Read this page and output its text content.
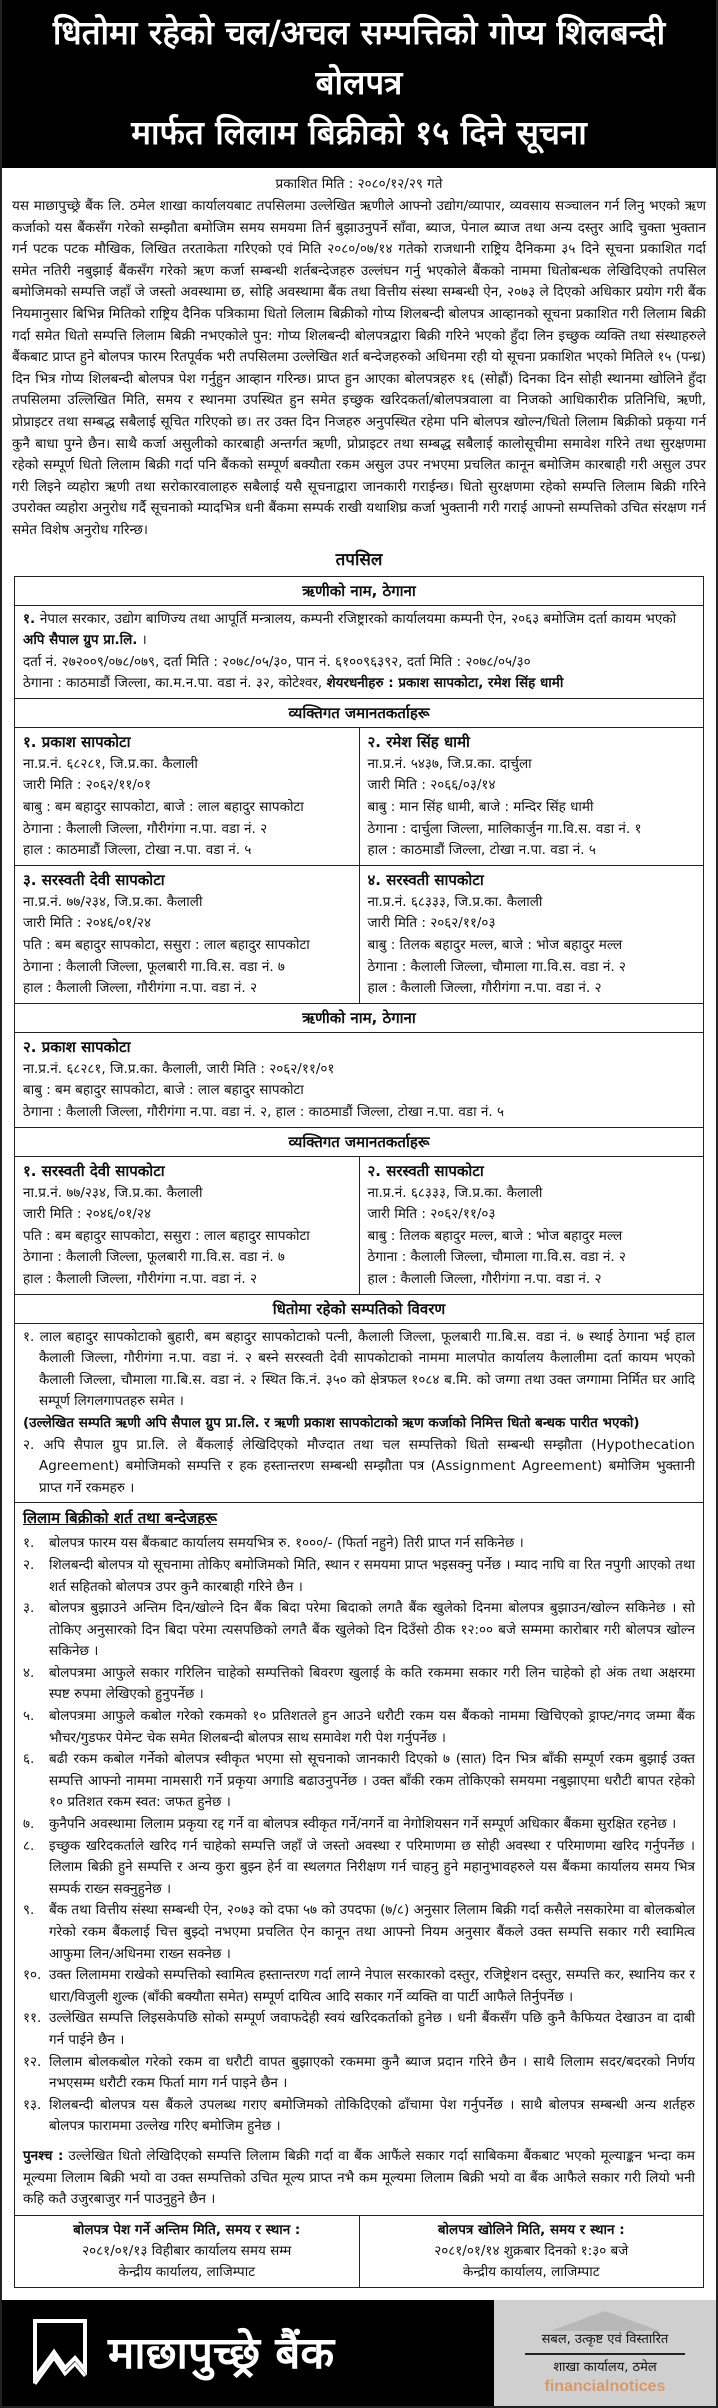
धितोमा रहेको चल/अचल सम्पत्तिको गोप्य शिलबन्दी बोलपत्र
मार्फत लिलाम बिक्रीको १५ दिने सूचना
प्रकाशित मिति : २०८०/१२/२९ गते

यस माछापुच्छ्रे बैंक लि. ठमेल शाखा कार्यालयबाट तपसिलमा उल्लेखित ऋणीले आफ्नो उद्योग/व्यापार, व्यवसाय सञ्चालन गर्न लिनु भएको ऋण कर्जाको यस बैंकसँग गरेको सम्झौता बमोजिम समय समयमा तिर्न बुझाउनुपर्ने साँवा, ब्याज, पेनाल ब्याज तथा अन्य दस्तुर आदि चुक्ता भुक्तान गर्न पटक पटक मौखिक, लिखित तरताकेता गरिएको एवं मिति २०८०/०७/१४ गतेको राजधानी राष्ट्रिय दैनिकमा ३५ दिने सूचना प्रकाशित गर्दा समेत नतिरी नबुझाई बैंकसँग गरेको ऋण कर्जा सम्बन्धी शर्तबन्देजहरु उल्लंघन गर्नु भएकोले बैंकको नाममा धितोबन्धक लेखिदिएको तपसिल बमोजिमको सम्पत्ति जहाँ जे जस्तो अवस्थामा छ, सोहि अवस्थामा बैंक तथा वित्तीय संस्था सम्बन्धी ऐन, २०७३ ले दिएको अधिकार प्रयोग गरी बैंक नियमानुसार बिभिन्न मितिको राष्ट्रिय दैनिक पत्रिकामा धितो लिलाम बिक्रीको गोप्य शिलबन्दी बोलपत्र आव्हानको सूचना प्रकाशित गरी लिलाम बिक्री गर्दा समेत धितो सम्पत्ति लिलाम बिक्री नभएकोले पुन: गोप्य शिलबन्दी बोलपत्रद्वारा बिक्री गरिने भएको हुँदा लिन इच्छुक व्यक्ति तथा संस्थाहरुले बैंकबाट प्राप्त हुने बोलपत्र फारम रितपूर्वक भरी तपसिलमा उल्लेखित शर्त बन्देजहरुको अधिनमा रही यो सूचना प्रकाशित भएको मितिले १५ (पन्ध्र) दिन भित्र गोप्य शिलबन्दी बोलपत्र पेश गर्नुहुन आव्हान गरिन्छ। प्राप्त हुन आएका बोलपत्रहरु १६ (सोह्रौं) दिनका दिन सोही स्थानमा खोलिने हुँदा तपसिलमा उल्लिखित मिति, समय र स्थानमा उपस्थित हुन समेत इच्छुक खरिदकर्ता/बोलपत्रवाला वा निजको आधिकारीक प्रतिनिधि, ऋणी, प्रोप्राइटर तथा सम्बद्ध सबैलाई सूचित गरिएको छ। तर उक्त दिन निजहरु अनुपस्थित रहेमा पनि बोलपत्र खोल्न/धितो लिलाम बिक्रीको प्रकृया गर्न कुनै बाधा पुग्ने छैन। साथै कर्जा असुलीको कारबाही अन्तर्गत ऋणी, प्रोप्राइटर तथा सम्बद्ध सबैलाई कालोसूचीमा समावेश गरिने तथा सुरक्षणमा रहेको सम्पूर्ण धितो लिलाम बिक्री गर्दा पनि बैंकको सम्पूर्ण बक्यौता रकम असुल उपर नभएमा प्रचलित कानून बमोजिम कारबाही गरी असुल उपर गरी लिइने व्यहोरा ऋणी तथा सरोकारवालाहरु सबैलाई यसै सूचनाद्वारा जानकारी गराईन्छ। धितो सुरक्षणमा रहेको सम्पत्ति लिलाम बिक्री गरिने उपरोक्त व्यहोरा अनुरोध गर्दै सूचनाको म्यादभित्र धनी बैंकमा सम्पर्क राखी यथाशिघ्र कर्जा भुक्तानी गरी गराई आफ्नो सम्पत्तिको उचित संरक्षण गर्न समेत विशेष अनुरोध गरिन्छ।

तपसिल
ऋणीको नाम, ठेगाना
१. नेपाल सरकार, उद्योग बाणिज्य तथा आपूर्ति मन्त्रालय, कम्पनी रजिष्ट्रारको कार्यालयमा कम्पनी ऐन, २०६३ बमोजिम दर्ता कायम भएको अपि सैपाल ग्रुप प्रा.लि. ।
दर्ता नं. २७२००९/०७८/०७९, दर्ता मिति : २०७८/०५/३०, पान नं. ६१००९६३९२, दर्ता मिति : २०७८/०५/३०
ठेगाना : काठमाडौं जिल्ला, का.म.न.पा. वडा नं. ३२, कोटेश्वर, शेयरधनीहरु : प्रकाश सापकोटा, रमेश सिंह धामी
व्यक्तिगत जमानतकर्ताहरू
१. प्रकाश सापकोटा
ना.प्र.नं. ६८२८१, जि.प्र.का. कैलाली
जारी मिति : २०६२/११/०१
बाबु : बम बहादुर सापकोटा, बाजे : लाल बहादुर सापकोटा
ठेगाना : कैलाली जिल्ला, गौरीगंगा न.पा. वडा नं. २
हाल : काठमाडौं जिल्ला, टोखा न.पा. वडा नं. ५
२. रमेश सिंह धामी
ना.प्र.नं. ५४३७, जि.प्र.का. दार्चुला
जारी मिति : २०६६/०३/१४
बाबु : मान सिंह धामी, बाजे : मन्दिर सिंह धामी
ठेगाना : दार्चुला जिल्ला, मालिकार्जुन गा.वि.स. वडा नं. १
हाल : काठमाडौं जिल्ला, टोखा न.पा. वडा नं. ५
३. सरस्वती देवी सापकोटा
ना.प्र.नं. ७७/२३४, जि.प्र.का. कैलाली
जारी मिति : २०४६/०१/२४
पति : बम बहादुर सापकोटा, ससुरा : लाल बहादुर सापकोटा
ठेगाना : कैलाली जिल्ला, फूलबारी गा.वि.स. वडा नं. ७
हाल : कैलाली जिल्ला, गौरीगंगा न.पा. वडा नं. २
४. सरस्वती सापकोटा
ना.प्र.नं. ६८३३३, जि.प्र.का. कैलाली
जारी मिति : २०६२/११/०३
बाबु : तिलक बहादुर मल्ल, बाजे : भोज बहादुर मल्ल
ठेगाना : कैलाली जिल्ला, चौमाला गा.वि.स. वडा नं. २
हाल : कैलाली जिल्ला, गौरीगंगा न.पा. वडा नं. २
ऋणीको नाम, ठेगाना
२. प्रकाश सापकोटा
ना.प्र.नं. ६८२८१, जि.प्र.का. कैलाली, जारी मिति : २०६२/११/०१
बाबु : बम बहादुर सापकोटा, बाजे : लाल बहादुर सापकोटा
ठेगाना : कैलाली जिल्ला, गौरीगंगा न.पा. वडा नं. २, हाल : काठमाडौं जिल्ला, टोखा न.पा. वडा नं. ५
व्यक्तिगत जमानतकर्ताहरू
१. सरस्वती देवी सापकोटा
ना.प्र.नं. ७७/२३४, जि.प्र.का. कैलाली
जारी मिति : २०४६/०१/२४
पति : बम बहादुर सापकोटा, ससुरा : लाल बहादुर सापकोटा
ठेगाना : कैलाली जिल्ला, फूलबारी गा.वि.स. वडा नं. ७
हाल : कैलाली जिल्ला, गौरीगंगा न.पा. वडा नं. २
२. सरस्वती सापकोटा
ना.प्र.नं. ६८३३३, जि.प्र.का. कैलाली
जारी मिति : २०६२/११/०३
बाबु : तिलक बहादुर मल्ल, बाजे : भोज बहादुर मल्ल
ठेगाना : कैलाली जिल्ला, चौमाला गा.वि.स. वडा नं. २
हाल : कैलाली जिल्ला, गौरीगंगा न.पा. वडा नं. २
धितोमा रहेको सम्पतिको विवरण
१. लाल बहादुर सापकोटाको बुहारी, बम बहादुर सापकोटाको पत्नी, कैलाली जिल्ला, फूलबारी गा.बि.स. वडा नं. ७ स्थाई ठेगाना भई हाल कैलाली जिल्ला, गौरीगंगा न.पा. वडा नं. २ बस्ने सरस्वती देवी सापकोटाको नाममा मालपोत कार्यालय कैलालीमा दर्ता कायम भएको कैलाली जिल्ला, चौमाला गा.बि.स. वडा नं. २ स्थित कि.नं. ३५० को क्षेत्रफल १०८४ ब.मि. को जग्गा तथा उक्त जग्गामा निर्मित घर आदि सम्पूर्ण लिगलगापतहरु समेत ।
(उल्लेखित सम्पति ऋणी अपि सैपाल ग्रुप प्रा.लि. र ऋणी प्रकाश सापकोटाको ऋण कर्जाको निमित्त धितो बन्धक पारीत भएको)
२. अपि सैपाल ग्रुप प्रा.लि. ले बैंकलाई लेखिदिएको मौज्दात तथा चल सम्पत्तिको धितो सम्बन्धी सम्झौता (Hypothecation Agreement) बमोजिमको सम्पत्ति र हक हस्तान्तरण सम्बन्धी सम्झौता पत्र (Assignment Agreement) बमोजिम भुक्तानी प्राप्त गर्ने रकमहरु ।
लिलाम बिक्रीको शर्त तथा बन्देजहरू
१.	बोलपत्र फारम यस बैंकबाट कार्यालय समयभित्र रु. १०००/- (फिर्ता नहुने) तिरी प्राप्त गर्न सकिनेछ ।
२.	शिलबन्दी बोलपत्र यो सूचनामा तोकिए बमोजिमको मिति, स्थान र समयमा प्राप्त भइसक्नु पर्नेछ । म्याद नाघि वा रित नपुगी आएको तथा शर्त सहितको बोलपत्र उपर कुनै कारबाही गरिने छैन ।
३.	बोलपत्र बुझाउने अन्तिम दिन/खोल्ने दिन बैंक बिदा परेमा बिदाको लगतै बैंक खुलेको दिनमा बोलपत्र बुझाउन/खोल्न सकिनेछ । सो तोकिए अनुसारको दिन बिदा परेमा त्यसपछिको लगतै बैंक खुलेको दिन दिउँसो ठीक १२:०० बजे सम्ममा कारोबार गरी बोलपत्र खोल्न सकिनेछ ।
४.	बोलपत्रमा आफुले सकार गरिलिन चाहेको सम्पत्तिको बिवरण खुलाई के कति रकममा सकार गरी लिन चाहेको हो अंक तथा अक्षरमा स्पष्ट रुपमा लेखिएको हुनुपर्नेछ ।
५.	बोलपत्रमा आफुले कबोल गरेको रकमको १० प्रतिशतले हुन आउने धरौटी रकम यस बैंकको नाममा खिचिएको ड्राफ्ट/नगद जम्मा बैंक भौचर/गुडफर पेमेन्ट चेक समेत शिलबन्दी बोलपत्र साथ समावेश गरी पेश गर्नुपर्नेछ ।
६.	बढी रकम कबोल गर्नेको बोलपत्र स्वीकृत भएमा सो सूचनाको जानकारी दिएको ७ (सात) दिन भित्र बाँकी सम्पूर्ण रकम बुझाई उक्त सम्पत्ति आफ्नो नाममा नामसारी गर्ने प्रकृया अगाडि बढाउनुपर्नेछ । उक्त बाँकी रकम तोकिएको समयमा नबुझाएमा धरौटी बापत रहेको १० प्रतिशत रकम स्वत: जफत हुनेछ ।
७.	कुनैपनि अवस्थामा लिलाम प्रकृया रद्द गर्ने वा बोलपत्र स्वीकृत गर्ने/नगर्ने वा नेगोशियसन गर्ने सम्पूर्ण अधिकार बैंकमा सुरक्षित रहनेछ ।
८.	इच्छुक खरिदकर्ताले खरिद गर्न चाहेको सम्पत्ति जहाँ जे जस्तो अवस्था र परिमाणमा छ सोही अवस्था र परिमाणमा खरिद गर्नुपर्नेछ । लिलाम बिक्री हुने सम्पत्ति र अन्य कुरा बुझ्न हेर्न वा स्थलगत निरीक्षण गर्न चाहनु हुने महानुभावहरुले यस बैंकमा कार्यालय समय भित्र सम्पर्क राख्न सक्नुहुनेछ ।
९.	बैंक तथा वित्तीय संस्था सम्बन्धी ऐन, २०७३ को दफा ५७ को उपदफा (७/८) अनुसार लिलाम बिक्री गर्दा कसैले नसकारेमा वा बोलकबोल गरेको रकम बैंकलाई चित्त बुझ्दो नभएमा प्रचलित ऐन कानून तथा आफ्नो नियम अनुसार बैंकले उक्त सम्पत्ति सकार गरी स्वामित्व आफुमा लिन/अधिनमा राख्न सक्नेछ ।
१०. उक्त लिलाममा राखेको सम्पत्तिको स्वामित्व हस्तान्तरण गर्दा लाग्ने नेपाल सरकारको दस्तुर, रजिष्ट्रेशन दस्तुर, सम्पत्ति कर, स्थानिय कर र धारा/विजुली शुल्क (बाँकी बक्यौता समेत) सम्पूर्ण दायित्व आदि सकार गर्ने व्यक्ति वा पार्टी आफैले तिर्नुपर्नेछ ।
११. उल्लेखित सम्पत्ति लिइसकेपछि सोको सम्पूर्ण जवाफदेही स्वयं खरिदकर्ताको हुनेछ । धनी बैंकसँग पछि कुनै कैफियत देखाउन वा दाबी गर्न पाईने छैन ।
१२. लिलाम बोलकबोल गरेको रकम वा धरौटी वापत बुझाएको रकममा कुनै ब्याज प्रदान गरिने छैन । साथै लिलाम सदर/बदरको निर्णय नभएसम्म धरौटी रकम फिर्ता माग गर्न पाइने छैन ।
१३. शिलबन्दी बोलपत्र यस बैंकले उपलब्ध गराए बमोजिमको तोकिदिएको ढाँचामा पेश गर्नुपर्नेछ । साथै बोलपत्र सम्बन्धी अन्य शर्तहरु बोलपत्र फाराममा उल्लेख गरिए बमोजिम हुनेछ ।
पुनश्च : उल्लेखित धितो लेखिदिएको सम्पत्ति लिलाम बिक्री गर्दा वा बैंक आफैंले सकार गर्दा साबिकमा बैंकबाट भएको मूल्याङ्कन भन्दा कम मूल्यमा लिलाम बिक्री भयो वा उक्त सम्पत्तिको उचित मूल्य प्राप्त नभै कम मूल्यमा लिलाम बिक्री भयो वा बैंक आफैले सकार गरी लियो भनी कहि कतै उजुरबाजुर गर्न पाउनुहुने छैन ।
बोलपत्र पेश गर्ने अन्तिम मिति, समय र स्थान :
२०८१/०१/१३ विहीबार कार्यालय समय सम्म
केन्द्रीय कार्यालय, लाजिम्पाट
बोलपत्र खोलिने मिति, समय र स्थान :
२०८१/०१/१४ शुक्रबार दिनको १:३० बजे
केन्द्रीय कार्यालय, लाजिम्पाट
माछापुच्छ्रे बैंक	सबल, उत्कृष्ट एवं विस्तारित
शाखा कार्यालय, ठमेल
financialnotices
